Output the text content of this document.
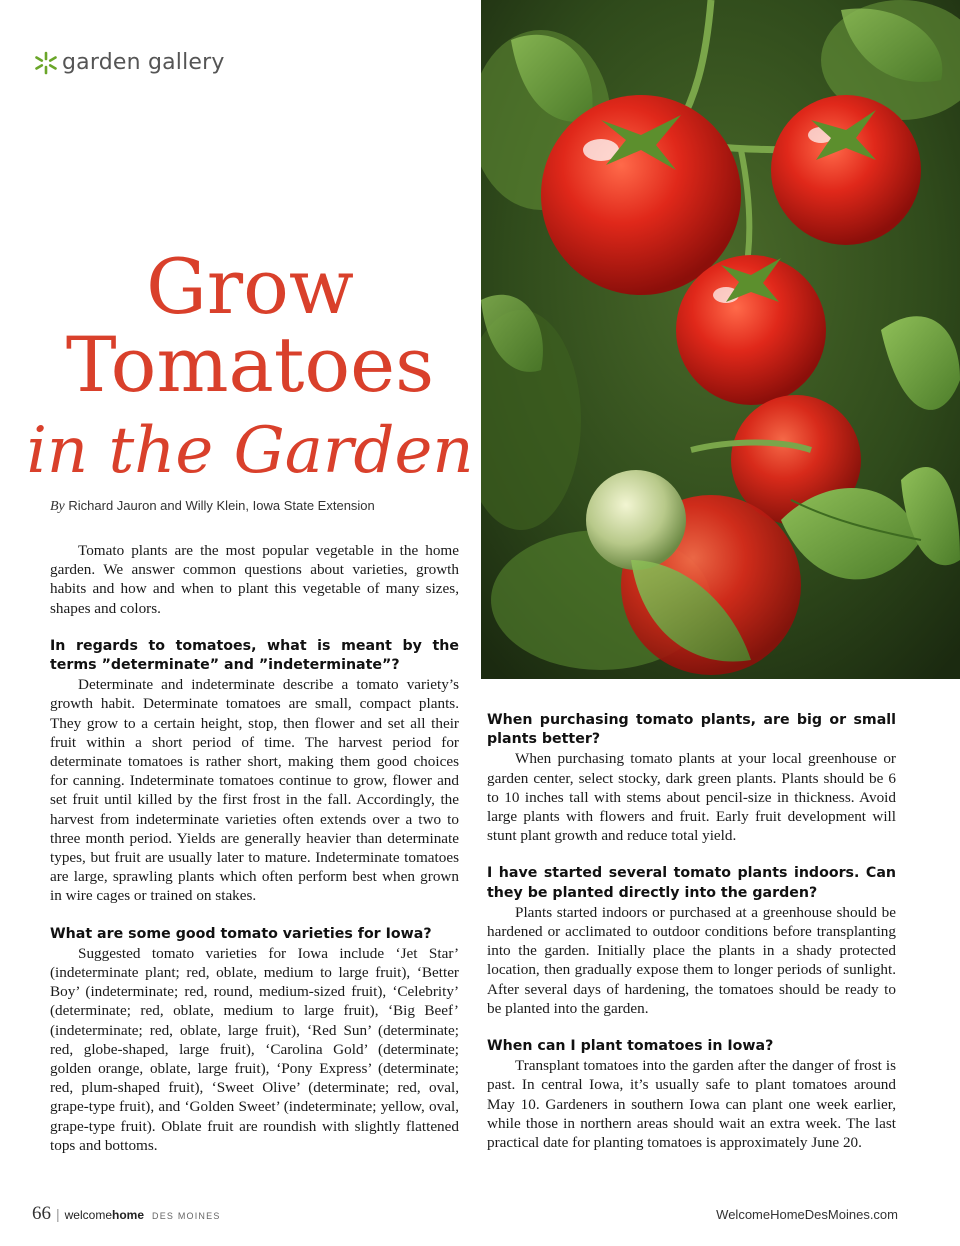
garden gallery
Grow
Tomatoes
in the Garden
By Richard Jauron and Willy Klein, Iowa State Extension

Tomato plants are the most popular vegetable in the home garden. We answer common questions about varieties, growth habits and how and when to plant this vegetable of many sizes, shapes and colors.

In regards to tomatoes, what is meant by the terms ”determinate” and ”indeterminate”?

Determinate and indeterminate describe a tomato variety’s growth habit. Determinate tomatoes are small, compact plants. They grow to a certain height, stop, then flower and set all their fruit within a short period of time. The harvest period for determinate tomatoes is rather short, making them good choices for canning. Indeterminate tomatoes continue to grow, flower and set fruit until killed by the first frost in the fall. Accordingly, the harvest from indeterminate varieties often extends over a two to three month period. Yields are generally heavier than determinate types, but fruit are usually later to mature. Indeterminate tomatoes are large, sprawling plants which often perform best when grown in wire cages or trained on stakes.

What are some good tomato varieties for Iowa?

Suggested tomato varieties for Iowa include ‘Jet Star’ (indeterminate plant; red, oblate, medium to large fruit), ‘Better Boy’ (indeterminate; red, round, medium-sized fruit), ‘Celebrity’ (determinate; red, oblate, medium to large fruit), ‘Big Beef’ (indeterminate; red, oblate, large fruit), ‘Red Sun’ (determinate; red, globe-shaped, large fruit), ‘Carolina Gold’ (determinate; golden orange, oblate, large fruit), ‘Pony Express’ (determinate; red, plum-shaped fruit), ‘Sweet Olive’ (determinate; red, oval, grape-type fruit), and ‘Golden Sweet’ (indeterminate; yellow, oval, grape-type fruit). Oblate fruit are roundish with slightly flattened tops and bottoms.

When purchasing tomato plants, are big or small plants better?

When purchasing tomato plants at your local greenhouse or garden center, select stocky, dark green plants. Plants should be 6 to 10 inches tall with stems about pencil-size in thickness. Avoid large plants with flowers and fruit. Early fruit development will stunt plant growth and reduce total yield.

I have started several tomato plants indoors. Can they be planted directly into the garden?

Plants started indoors or purchased at a greenhouse should be hardened or acclimated to outdoor conditions before transplanting into the garden. Initially place the plants in a shady protected location, then gradually expose them to longer periods of sunlight. After several days of hardening, the tomatoes should be ready to be planted into the garden.

When can I plant tomatoes in Iowa?

Transplant tomatoes into the garden after the danger of frost is past. In central Iowa, it’s usually safe to plant tomatoes around May 10. Gardeners in southern Iowa can plant one week earlier, while those in northern areas should wait an extra week. The last practical date for planting tomatoes is approximately June 20.

66 | welcome home DES MOINES	WelcomeHomeDesMoines.com
